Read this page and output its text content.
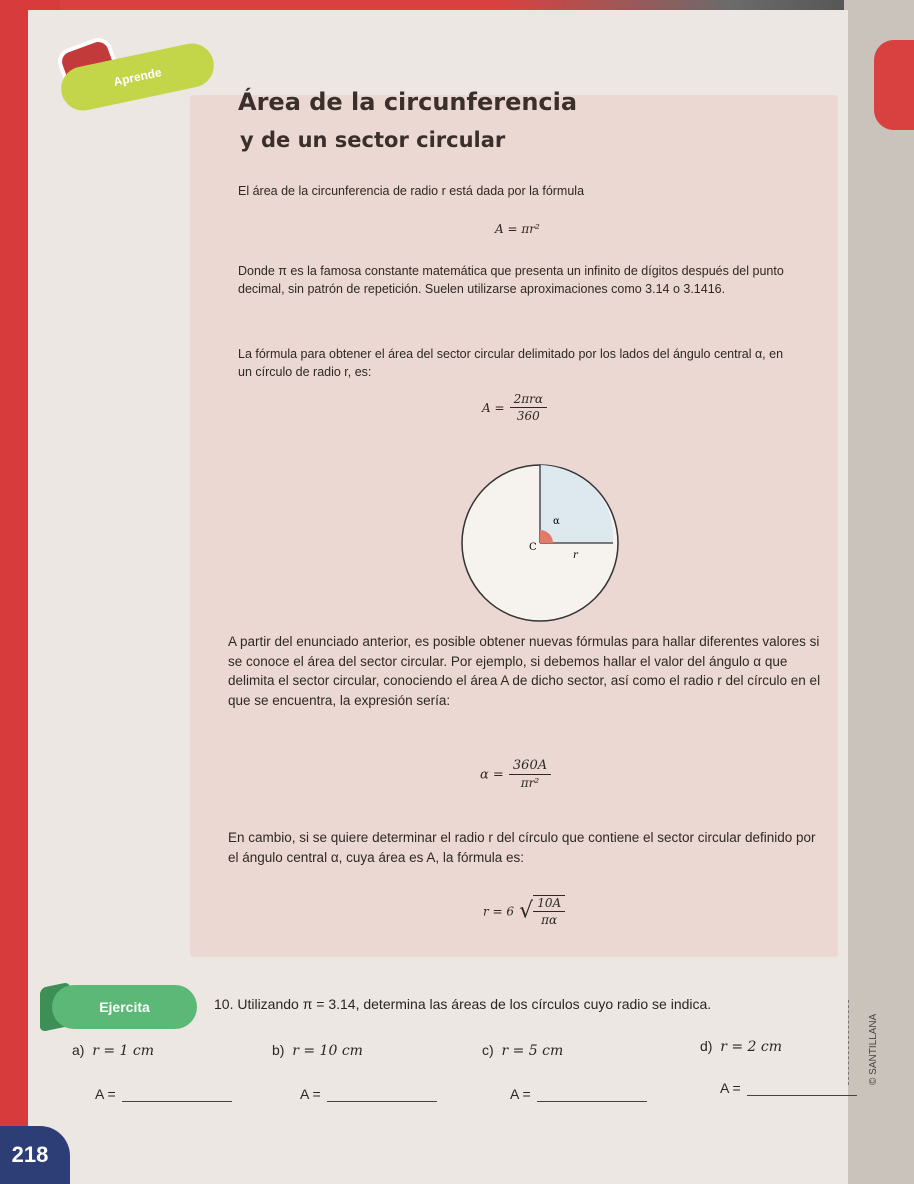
Aprende
Área de la circunferencia
y de un sector circular
El área de la circunferencia de radio r está dada por la fórmula
A = πr²
Donde π es la famosa constante matemática que presenta un infinito de dígitos después del punto decimal, sin patrón de repetición. Suelen utilizarse aproximaciones como 3.14 o 3.1416.
La fórmula para obtener el área del sector circular delimitado por los lados del ángulo central α, en un círculo de radio r, es:
$A = \frac{\text{2πrα}}{360}$
α
C
r
A partir del enunciado anterior, es posible obtener nuevas fórmulas para hallar diferentes valores si se conoce el área del sector circular. Por ejemplo, si debemos hallar el valor del ángulo α que delimita el sector circular, conociendo el área A de dicho sector, así como el radio r del círculo en el que se encuentra, la expresión sería:
$\alpha = \frac{360A}{\text{πr²}}$
En cambio, si se quiere determinar el radio r del círculo que contiene el sector circular definido por el ángulo central α, cuya área es A, la fórmula es:
r = 6 √ $\frac{10A}{\pi\alpha}$
Ejercita	10. Utilizando π = 3.14, determina las áreas de los círculos cuyo radio se indica.
a) r = 1 cm	b) r = 10 cm	c) r = 5 cm	d) r = 2 cm
A =	A =	A =	A =
© SANTILLANA
218
